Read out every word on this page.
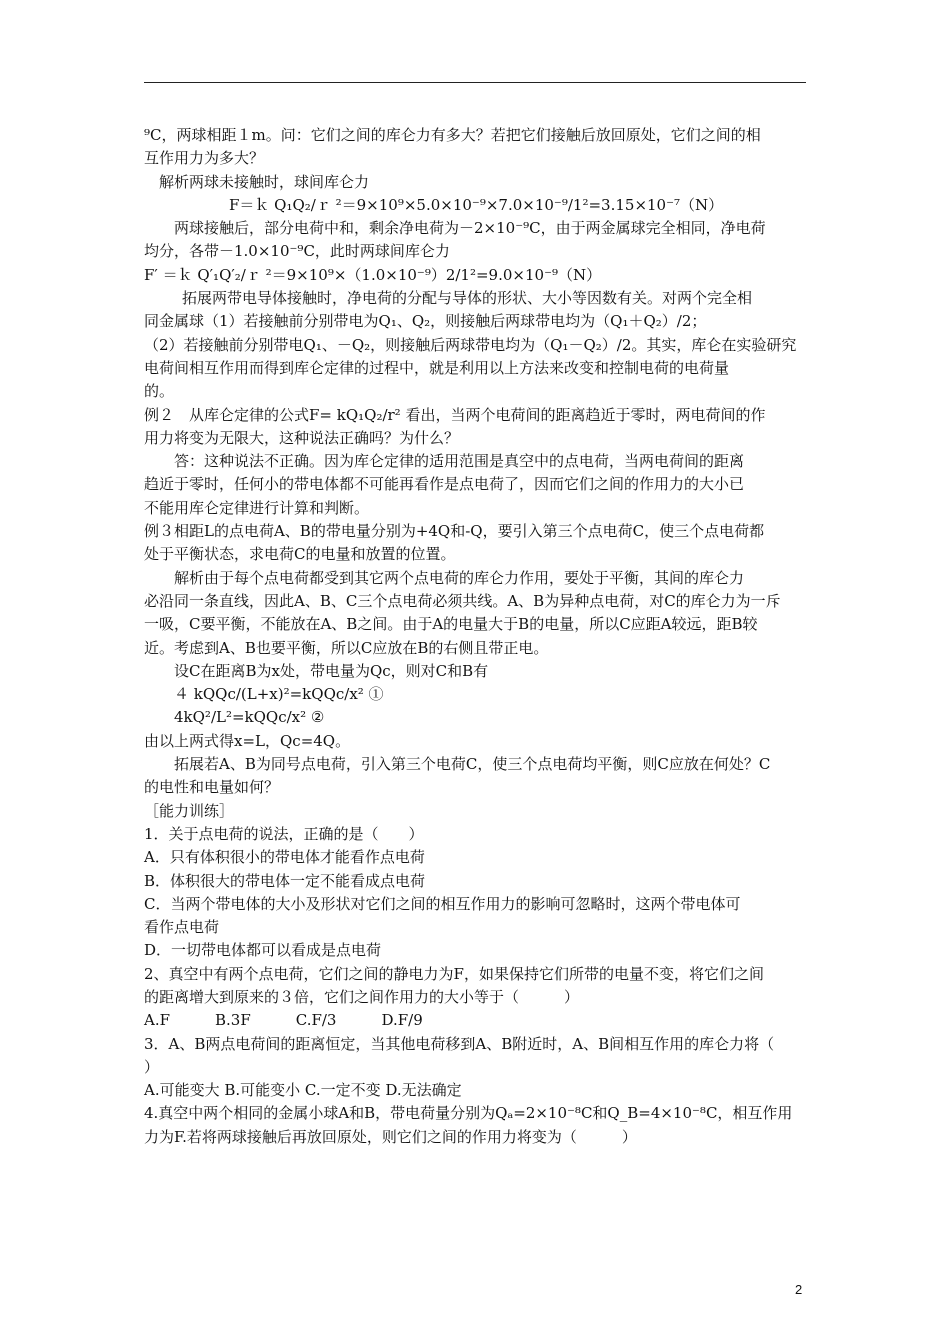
⁹C，两球相距１m。问：它们之间的库仑力有多大？若把它们接触后放回原处，它们之间的相
互作用力为多大？
解析两球未接触时，球间库仑力
F＝ｋ Q₁Q₂/ｒ ²＝9×10⁹×5.0×10⁻⁹×7.0×10⁻⁹/1²=3.15×10⁻⁷（N）
两球接触后，部分电荷中和，剩余净电荷为－2×10⁻⁹C，由于两金属球完全相同，净电荷
均分，各带－1.0×10⁻⁹C，此时两球间库仑力
F′ ＝ｋ Q′₁Q′₂/ｒ ²＝9×10⁹×（1.0×10⁻⁹）2/1²=9.0×10⁻⁹（N）
拓展两带电导体接触时，净电荷的分配与导体的形状、大小等因数有关。对两个完全相
同金属球（1）若接触前分别带电为Q₁、Q₂，则接触后两球带电均为（Q₁＋Q₂）/2；
（2）若接触前分别带电Q₁、－Q₂，则接触后两球带电均为（Q₁－Q₂）/2。其实，库仑在实验研究
电荷间相互作用而得到库仑定律的过程中，就是利用以上方法来改变和控制电荷的电荷量
的。
例２　从库仑定律的公式F= kQ₁Q₂/r² 看出，当两个电荷间的距离趋近于零时，两电荷间的作
用力将变为无限大，这种说法正确吗？为什么？
答：这种说法不正确。因为库仑定律的适用范围是真空中的点电荷，当两电荷间的距离
趋近于零时，任何小的带电体都不可能再看作是点电荷了，因而它们之间的作用力的大小已
不能用库仑定律进行计算和判断。
例３相距L的点电荷A、B的带电量分别为+4Q和-Q，要引入第三个点电荷C，使三个点电荷都
处于平衡状态，求电荷C的电量和放置的位置。
解析由于每个点电荷都受到其它两个点电荷的库仑力作用，要处于平衡，其间的库仑力
必沿同一条直线，因此A、B、C三个点电荷必须共线。A、B为异种点电荷，对C的库仑力为一斥
一吸，C要平衡，不能放在A、B之间。由于A的电量大于B的电量，所以C应距A较远，距B较
近。考虑到A、B也要平衡，所以C应放在B的右侧且带正电。
设C在距离B为x处，带电量为Qc，则对C和B有
４ kQQc/(L+x)²=kQQc/x² ①
4kQ²/L²=kQQc/x² ②
由以上两式得x=L，Qc=4Q。
拓展若A、B为同号点电荷，引入第三个电荷C，使三个点电荷均平衡，则C应放在何处？C
的电性和电量如何？
［能力训练］
1．关于点电荷的说法，正确的是（　　）
A．只有体积很小的带电体才能看作点电荷
B．体积很大的带电体一定不能看成点电荷
C．当两个带电体的大小及形状对它们之间的相互作用力的影响可忽略时，这两个带电体可
看作点电荷
D．一切带电体都可以看成是点电荷
2、真空中有两个点电荷，它们之间的静电力为F，如果保持它们所带的电量不变，将它们之间
的距离增大到原来的３倍，它们之间作用力的大小等于（　　　）
A.F　　　B.3F　　　C.F/3　　　D.F/9
3．A、B两点电荷间的距离恒定，当其他电荷移到A、B附近时，A、B间相互作用的库仑力将（
）
A.可能变大 B.可能变小 C.一定不变 D.无法确定
4.真空中两个相同的金属小球A和B，带电荷量分别为Qₐ=2×10⁻⁸C和Q_B=4×10⁻⁸C，相互作用
力为F.若将两球接触后再放回原处，则它们之间的作用力将变为（　　　）
2
